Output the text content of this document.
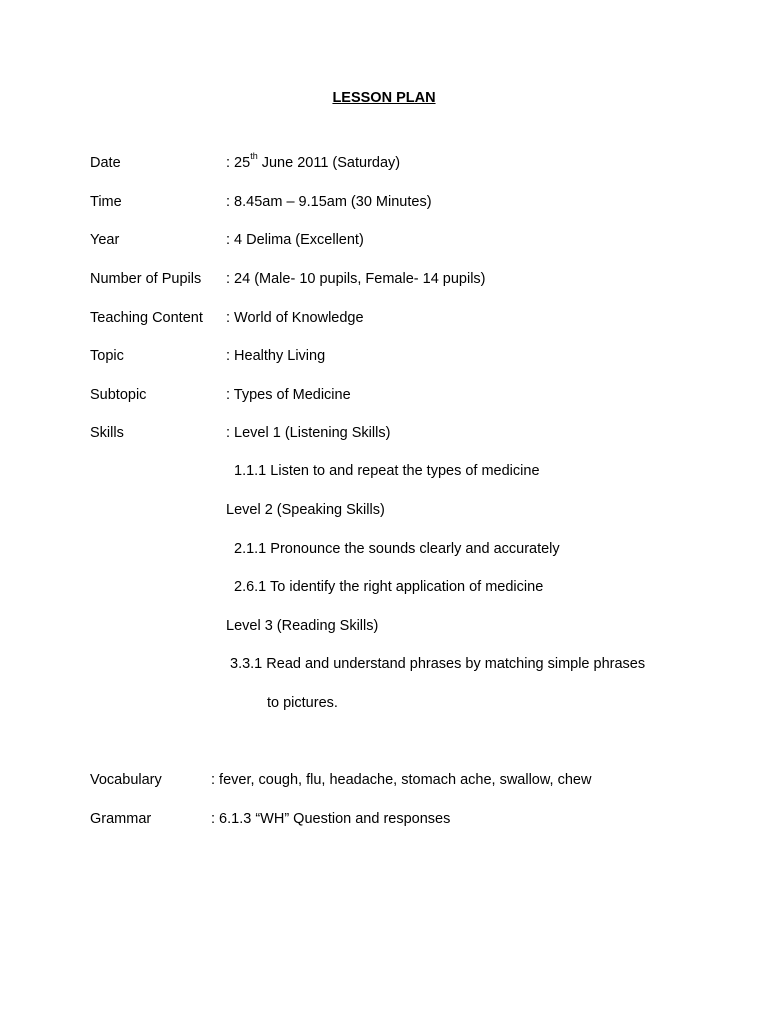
LESSON PLAN
Date	: 25th June 2011 (Saturday)
Time	: 8.45am – 9.15am (30 Minutes)
Year	: 4 Delima (Excellent)
Number of Pupils : 24 (Male- 10 pupils, Female- 14 pupils)
Teaching Content : World of Knowledge
Topic	: Healthy Living
Subtopic	: Types of Medicine
Skills	: Level 1 (Listening Skills)
1.1.1 Listen to and repeat the types of medicine
Level 2 (Speaking Skills)
2.1.1 Pronounce the sounds clearly and accurately
2.6.1 To identify the right application of medicine
Level 3 (Reading Skills)
3.3.1 Read and understand phrases by matching simple phrases
to pictures.
Vocabulary	: fever, cough, flu, headache, stomach ache, swallow, chew
Grammar	: 6.1.3 “WH” Question and responses
